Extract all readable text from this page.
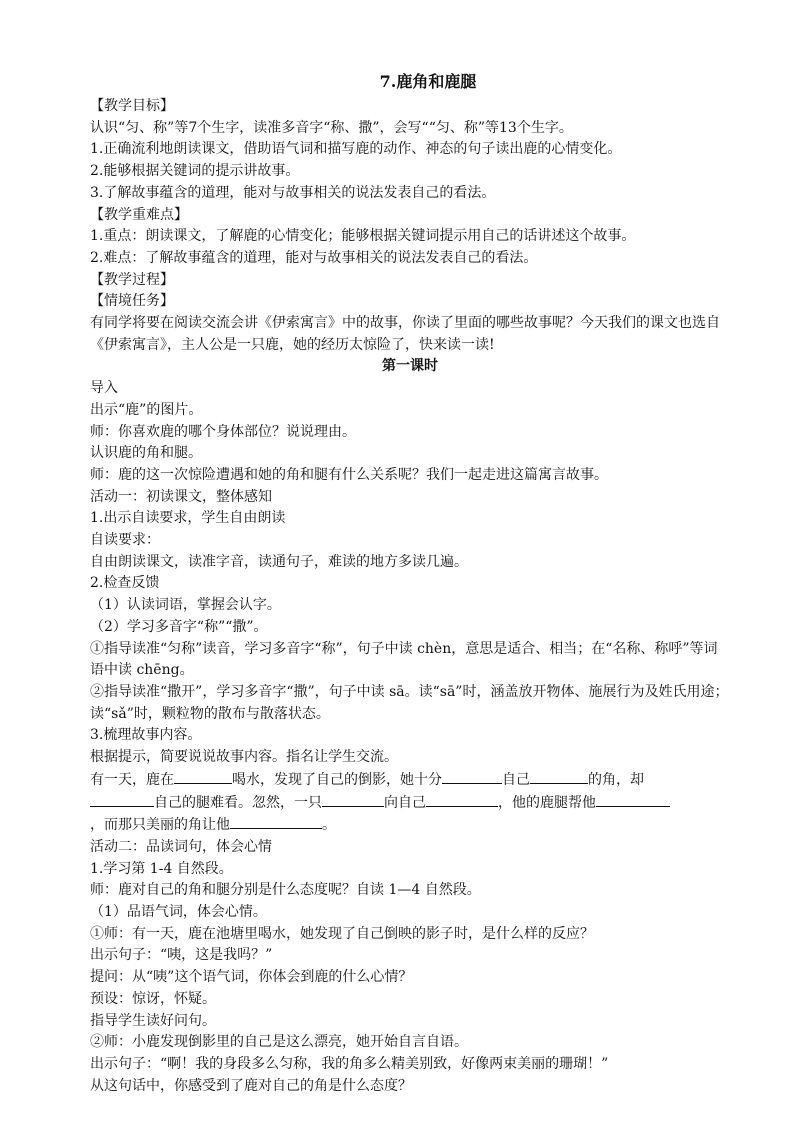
7.鹿角和鹿腿
【教学目标】
认识“匀、称”等7个生字，读准多音字“称、撒”，会写““匀、称”等13个生字。
1.正确流利地朗读课文，借助语气词和描写鹿的动作、神态的句子读出鹿的心情变化。
2.能够根据关键词的提示讲故事。
3.了解故事蕴含的道理，能对与故事相关的说法发表自己的看法。
【教学重难点】
1.重点：朗读课文，了解鹿的心情变化；能够根据关键词提示用自己的话讲述这个故事。
2.难点：了解故事蕴含的道理，能对与故事相关的说法发表自己的看法。
【教学过程】
【情境任务】
有同学将要在阅读交流会讲《伊索寓言》中的故事，你读了里面的哪些故事呢？今天我们的课文也选自《伊索寓言》，主人公是一只鹿，她的经历太惊险了，快来读一读!
第一课时
导入
出示“鹿”的图片。
师：你喜欢鹿的哪个身体部位？说说理由。
认识鹿的角和腿。
师：鹿的这一次惊险遭遇和她的角和腿有什么关系呢？我们一起走进这篇寓言故事。
活动一：初读课文，整体感知
1.出示自读要求，学生自由朗读
自读要求：
自由朗读课文，读准字音，读通句子，难读的地方多读几遍。
2.检查反馈
（1）认读词语，掌握会认字。
（2）学习多音字“称”“撒”。
①指导读准“匀称”读音，学习多音字“称”，句子中读 chèn，意思是适合、相当；在“名称、称呼”等词语中读 chēng。
②指导读准“撒开”，学习多音字“撒”，句子中读 sā。读“sā”时，涵盖放开物体、施展行为及姓氏用途；读“sǎ”时，颗粒物的散布与散落状态。
3.梳理故事内容。
根据提示，简要说说故事内容。指名让学生交流。
有一天，鹿在	喝水，发现了自己的倒影，她十分	自己	的角，却
自己的腿难看。忽然，一只	向自己	，他的鹿腿帮他
，而那只美丽的角让他	。
活动二：品读词句，体会心情
1.学习第 1-4 自然段。
师：鹿对自己的角和腿分别是什么态度呢？自读 1—4 自然段。
（1）品语气词，体会心情。
①师：有一天，鹿在池塘里喝水，她发现了自己倒映的影子时，是什么样的反应？
出示句子：“咦，这是我吗？”
提问：从“咦”这个语气词，你体会到鹿的什么心情？
预设：惊讶，怀疑。
指导学生读好问句。
②师：小鹿发现倒影里的自己是这么漂亮，她开始自言自语。
出示句子：“啊！我的身段多么匀称，我的角多么精美别致，好像两束美丽的珊瑚！”
从这句话中，你感受到了鹿对自己的角是什么态度？
